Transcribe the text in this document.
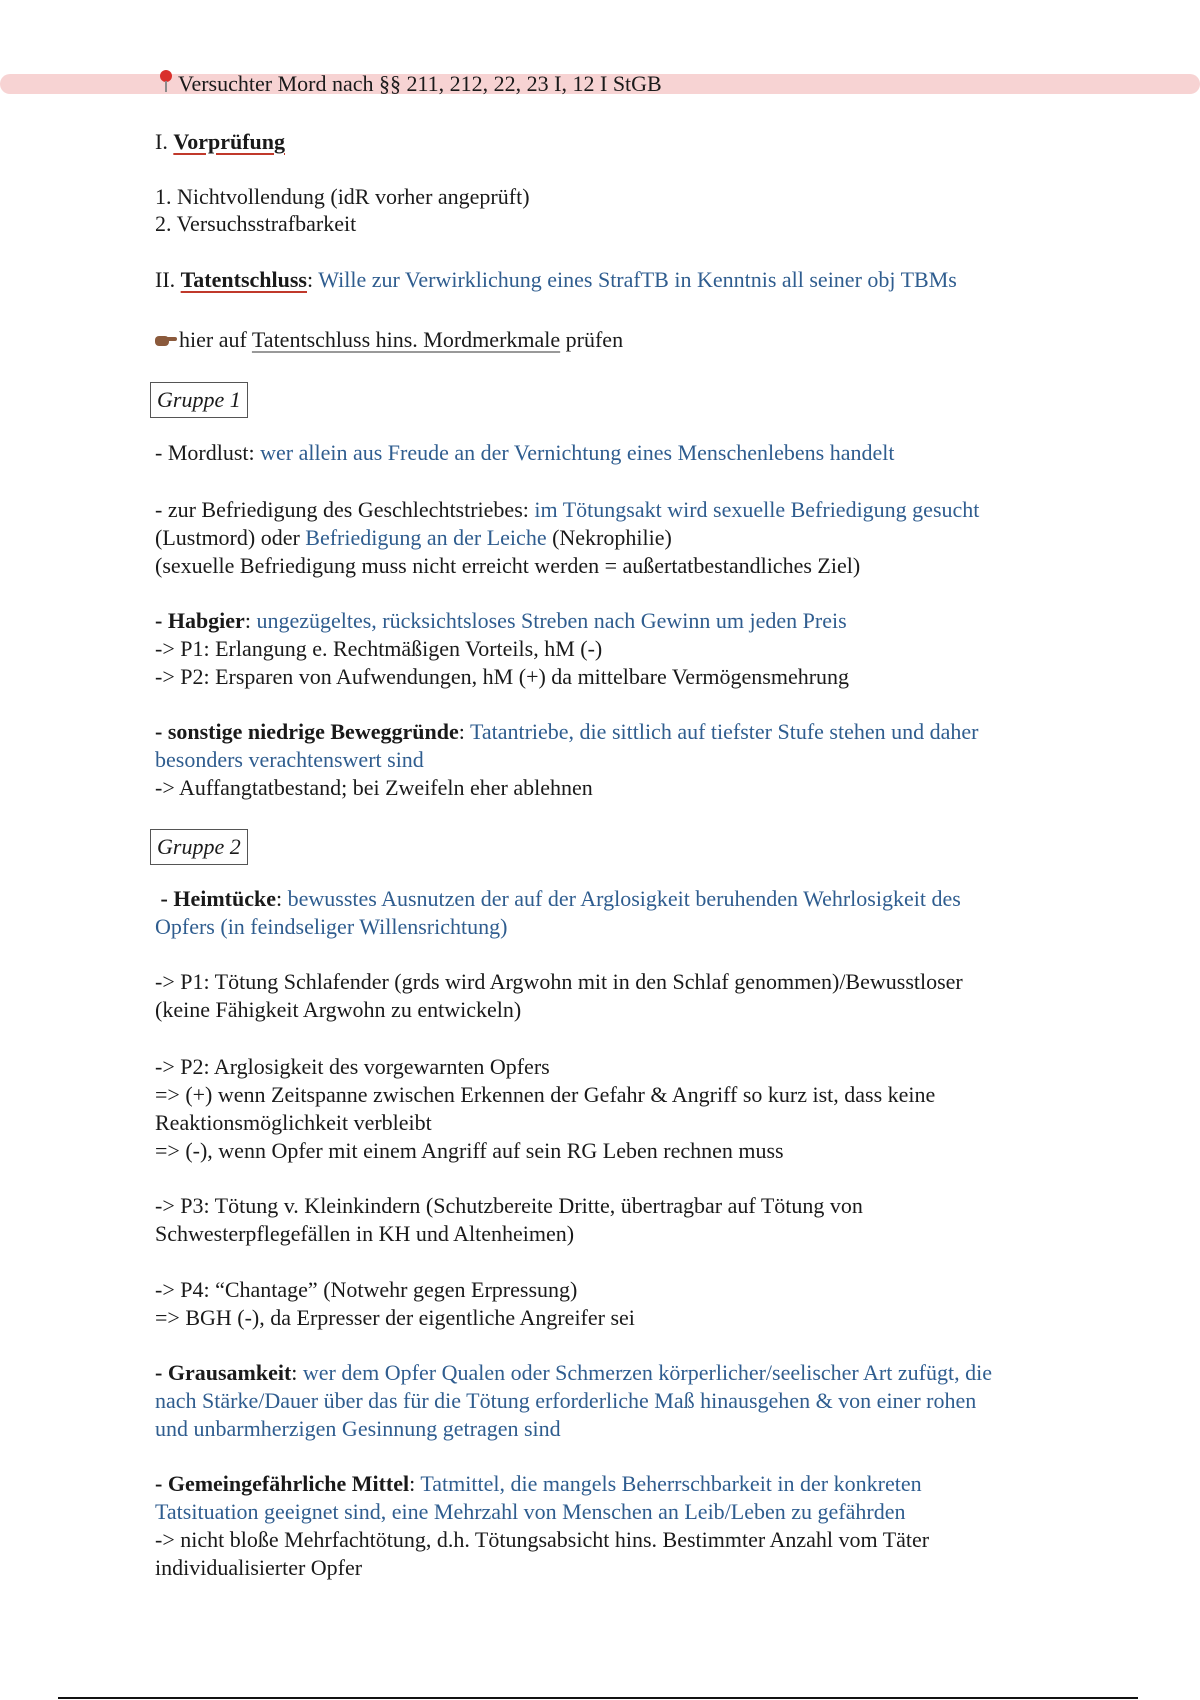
Versuchter Mord nach §§ 211, 212, 22, 23 I, 12 I StGB
I. Vorprüfung
1. Nichtvollendung (idR vorher angeprüft)
2. Versuchsstrafbarkeit
II. Tatentschluss: Wille zur Verwirklichung eines StrafTB in Kenntnis all seiner obj TBMs
hier auf Tatentschluss hins. Mordmerkmale prüfen
Gruppe 1
- Mordlust: wer allein aus Freude an der Vernichtung eines Menschenlebens handelt
- zur Befriedigung des Geschlechtstriebes: im Tötungsakt wird sexuelle Befriedigung gesucht
(Lustmord) oder Befriedigung an der Leiche (Nekrophilie)
(sexuelle Befriedigung muss nicht erreicht werden = außertatbestandliches Ziel)
- Habgier: ungezügeltes, rücksichtsloses Streben nach Gewinn um jeden Preis
-> P1: Erlangung e. Rechtmäßigen Vorteils, hM (-)
-> P2: Ersparen von Aufwendungen, hM (+) da mittelbare Vermögensmehrung
- sonstige niedrige Beweggründe: Tatantriebe, die sittlich auf tiefster Stufe stehen und daher
besonders verachtenswert sind
-> Auffangtatbestand; bei Zweifeln eher ablehnen
Gruppe 2
- Heimtücke: bewusstes Ausnutzen der auf der Arglosigkeit beruhenden Wehrlosigkeit des
Opfers (in feindseliger Willensrichtung)
-> P1: Tötung Schlafender (grds wird Argwohn mit in den Schlaf genommen)/Bewusstloser
(keine Fähigkeit Argwohn zu entwickeln)
-> P2: Arglosigkeit des vorgewarnten Opfers
=> (+) wenn Zeitspanne zwischen Erkennen der Gefahr & Angriff so kurz ist, dass keine
Reaktionsmöglichkeit verbleibt
=> (-), wenn Opfer mit einem Angriff auf sein RG Leben rechnen muss
-> P3: Tötung v. Kleinkindern (Schutzbereite Dritte, übertragbar auf Tötung von
Schwesterpflegefällen in KH und Altenheimen)
-> P4: “Chantage” (Notwehr gegen Erpressung)
=> BGH (-), da Erpresser der eigentliche Angreifer sei
- Grausamkeit: wer dem Opfer Qualen oder Schmerzen körperlicher/seelischer Art zufügt, die
nach Stärke/Dauer über das für die Tötung erforderliche Maß hinausgehen & von einer rohen
und unbarmherzigen Gesinnung getragen sind
- Gemeingefährliche Mittel: Tatmittel, die mangels Beherrschbarkeit in der konkreten
Tatsituation geeignet sind, eine Mehrzahl von Menschen an Leib/Leben zu gefährden
-> nicht bloße Mehrfachtötung, d.h. Tötungsabsicht hins. Bestimmter Anzahl vom Täter
individualisierter Opfer
